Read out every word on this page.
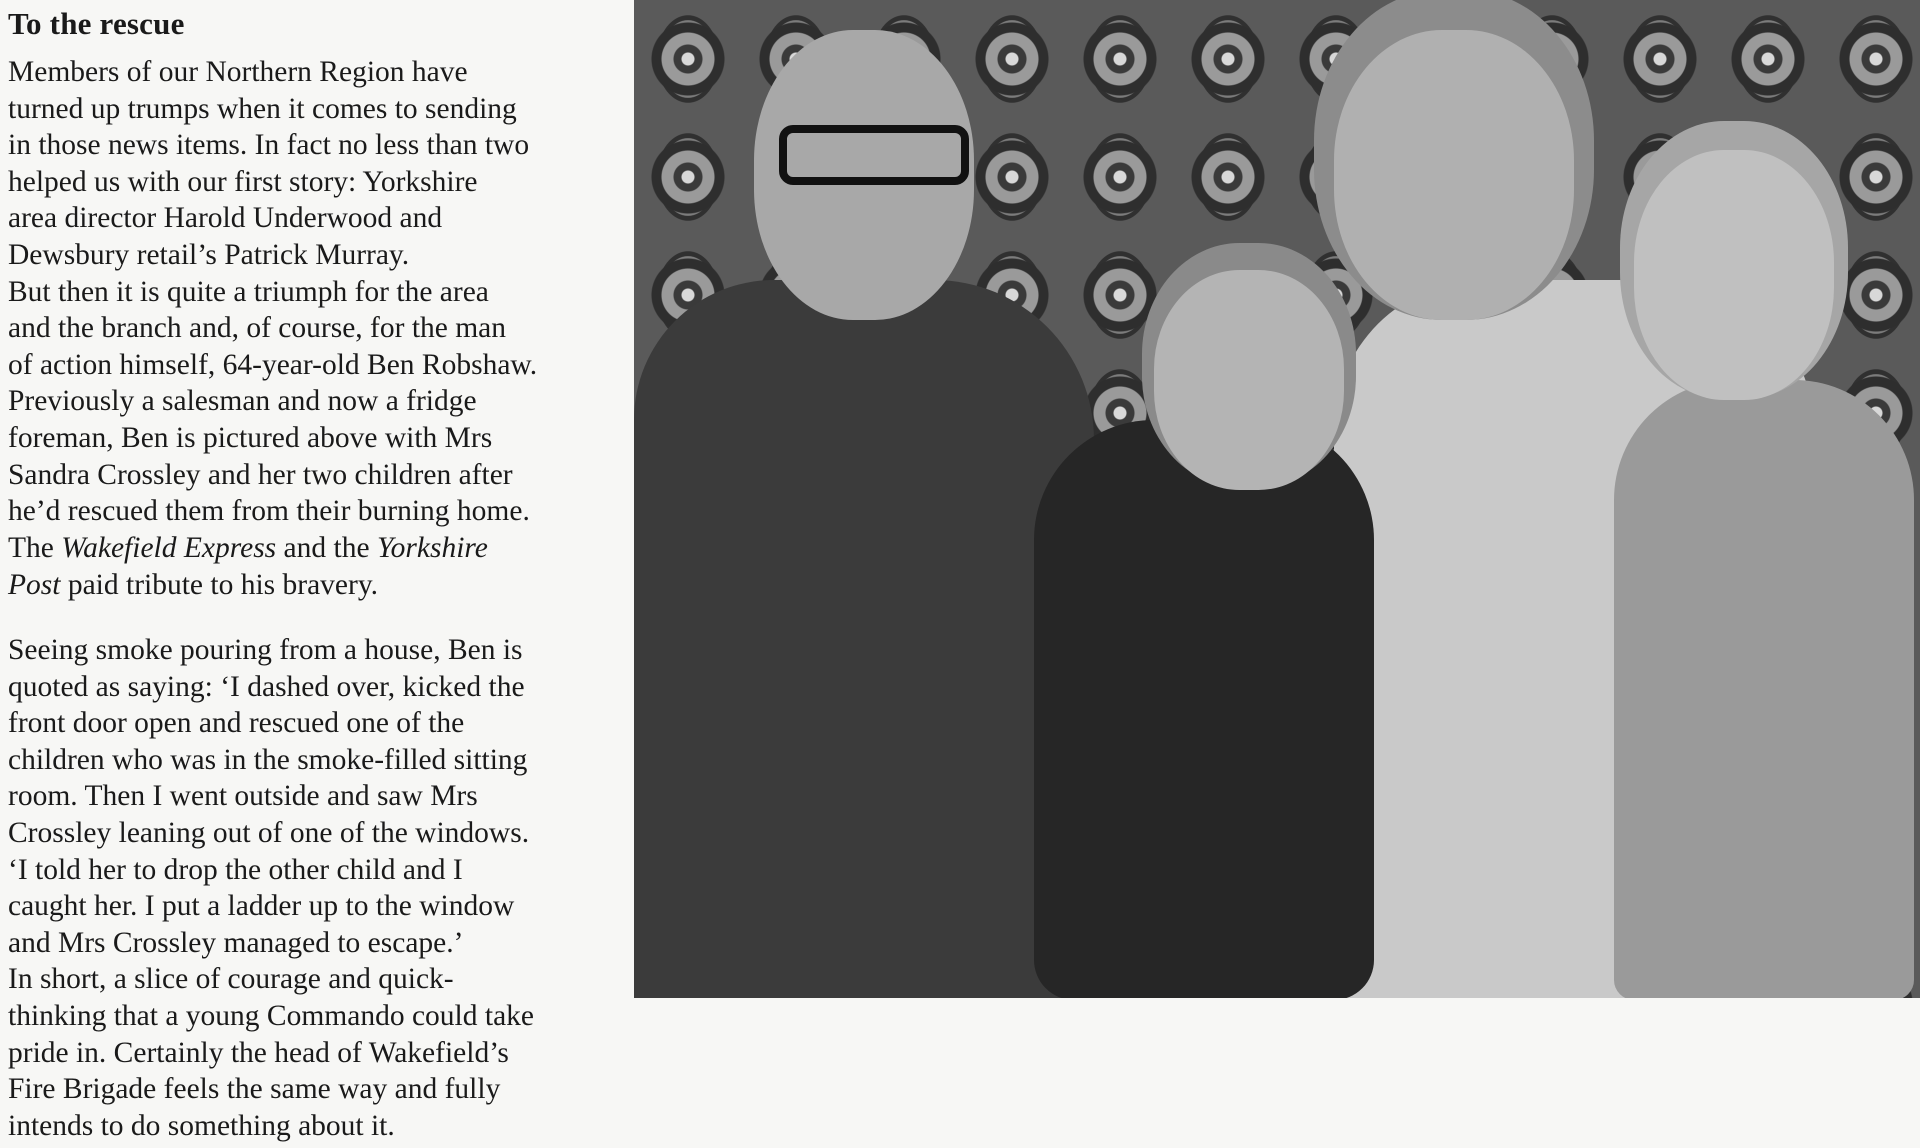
To the rescue
Members of our Northern Region have
turned up trumps when it comes to sending
in those news items. In fact no less than two
helped us with our first story: Yorkshire
area director Harold Underwood and
Dewsbury retail’s Patrick Murray.
But then it is quite a triumph for the area
and the branch and, of course, for the man
of action himself, 64-year-old Ben Robshaw.
Previously a salesman and now a fridge
foreman, Ben is pictured above with Mrs
Sandra Crossley and her two children after
he’d rescued them from their burning home.
The Wakefield Express and the Yorkshire
Post paid tribute to his bravery.
Seeing smoke pouring from a house, Ben is
quoted as saying: ‘I dashed over, kicked the
front door open and rescued one of the
children who was in the smoke-filled sitting
room. Then I went outside and saw Mrs
Crossley leaning out of one of the windows.
‘I told her to drop the other child and I
caught her. I put a ladder up to the window
and Mrs Crossley managed to escape.’
In short, a slice of courage and quick-
thinking that a young Commando could take
pride in. Certainly the head of Wakefield’s
Fire Brigade feels the same way and fully
intends to do something about it.
